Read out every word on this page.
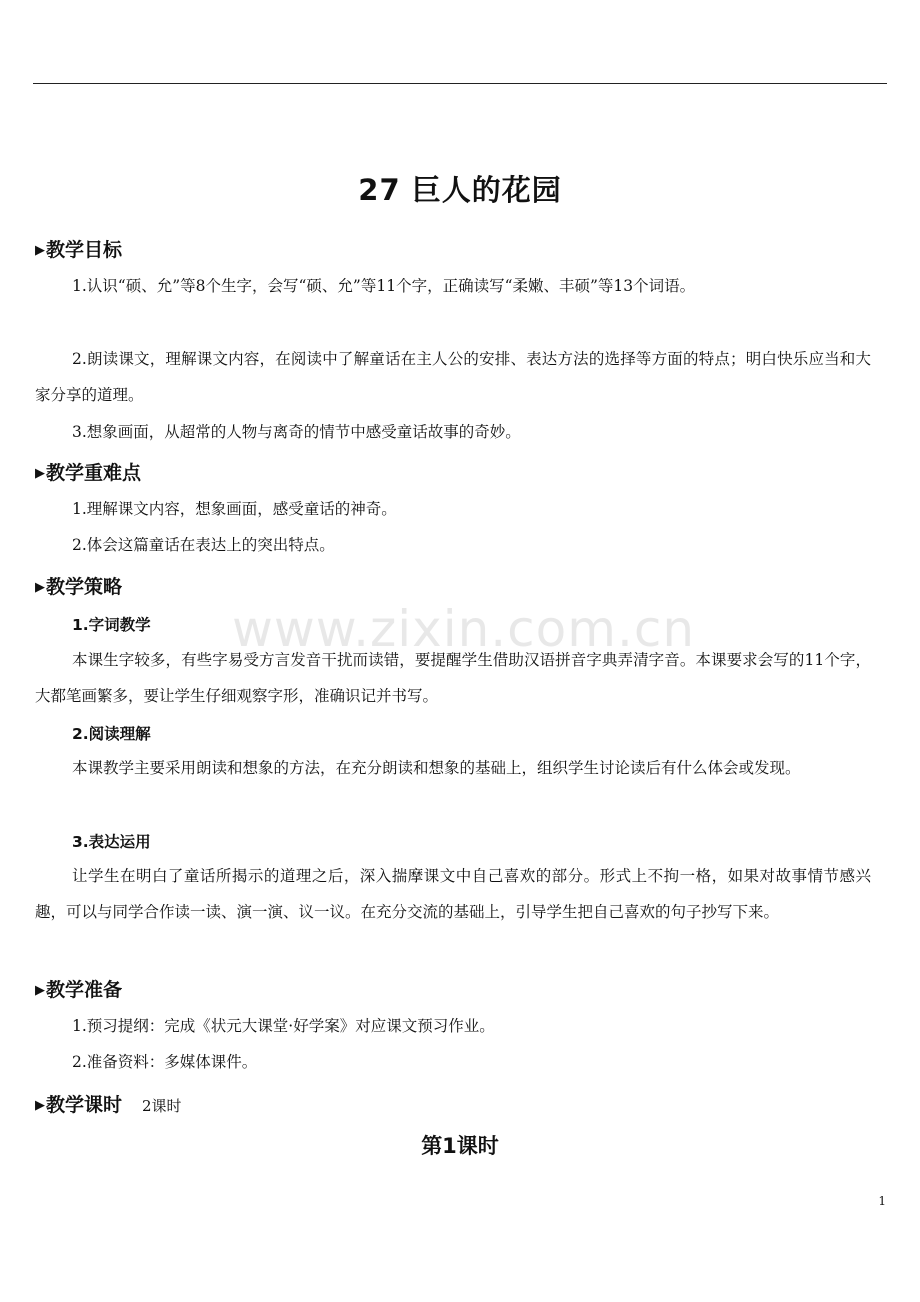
www.zixin.com.cn
27 巨人的花园
▶教学目标
1.认识“硕、允”等8个生字，会写“硕、允”等11个字，正确读写“柔嫩、丰硕”等13个词语。
2.朗读课文，理解课文内容，在阅读中了解童话在主人公的安排、表达方法的选择等方面的特点；明白快乐应当和大家分享的道理。
3.想象画面，从超常的人物与离奇的情节中感受童话故事的奇妙。
▶教学重难点
1.理解课文内容，想象画面，感受童话的神奇。
2.体会这篇童话在表达上的突出特点。
▶教学策略
1.字词教学
本课生字较多，有些字易受方言发音干扰而读错，要提醒学生借助汉语拼音字典弄清字音。本课要求会写的11个字，大都笔画繁多，要让学生仔细观察字形，准确识记并书写。
2.阅读理解
本课教学主要采用朗读和想象的方法，在充分朗读和想象的基础上，组织学生讨论读后有什么体会或发现。
3.表达运用
让学生在明白了童话所揭示的道理之后，深入揣摩课文中自己喜欢的部分。形式上不拘一格，如果对故事情节感兴趣，可以与同学合作读一读、演一演、议一议。在充分交流的基础上，引导学生把自己喜欢的句子抄写下来。
▶教学准备
1.预习提纲：完成《状元大课堂·好学案》对应课文预习作业。
2.准备资料：多媒体课件。
▶教学课时 2课时
第1课时
1
